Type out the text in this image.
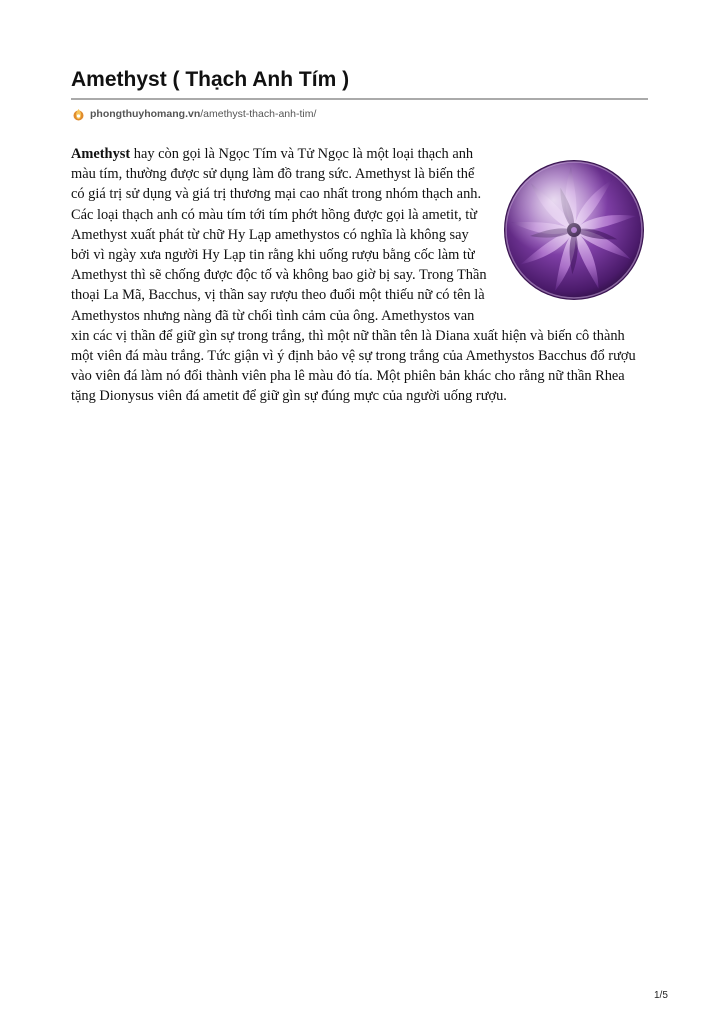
Amethyst ( Thạch Anh Tím )
phongthuyhomang.vn /amethyst-thach-anh-tim/

Amethyst hay còn gọi là Ngọc Tím và Tử Ngọc là một loại thạch anh màu tím, thường được sử dụng làm đồ trang sức. Amethyst là biến thể có giá trị sử dụng và giá trị thương mại cao nhất trong nhóm thạch anh. Các loại thạch anh có màu tím tới tím phớt hồng được gọi là ametit, từ Amethyst xuất phát từ chữ Hy Lạp amethystos có nghĩa là không say bởi vì ngày xưa người Hy Lạp tin rằng khi uống rượu bằng cốc làm từ Amethyst thì sẽ chống được độc tố và không bao giờ bị say. Trong Thần thoại La Mã, Bacchus, vị thần say rượu theo đuổi một thiếu nữ có tên là Amethystos nhưng nàng đã từ chối tình cảm của ông. Amethystos van xin các vị thần để giữ gìn sự trong trắng, thì một nữ thần tên là Diana xuất hiện và biến cô thành một viên đá màu trắng. Tức giận vì ý định bảo vệ sự trong trắng của Amethystos Bacchus đổ rượu vào viên đá làm nó đổi thành viên pha lê màu đỏ tía. Một phiên bản khác cho rằng nữ thần Rhea tặng Dionysus viên đá ametit để giữ gìn sự đúng mực của người uống rượu.

1/5
